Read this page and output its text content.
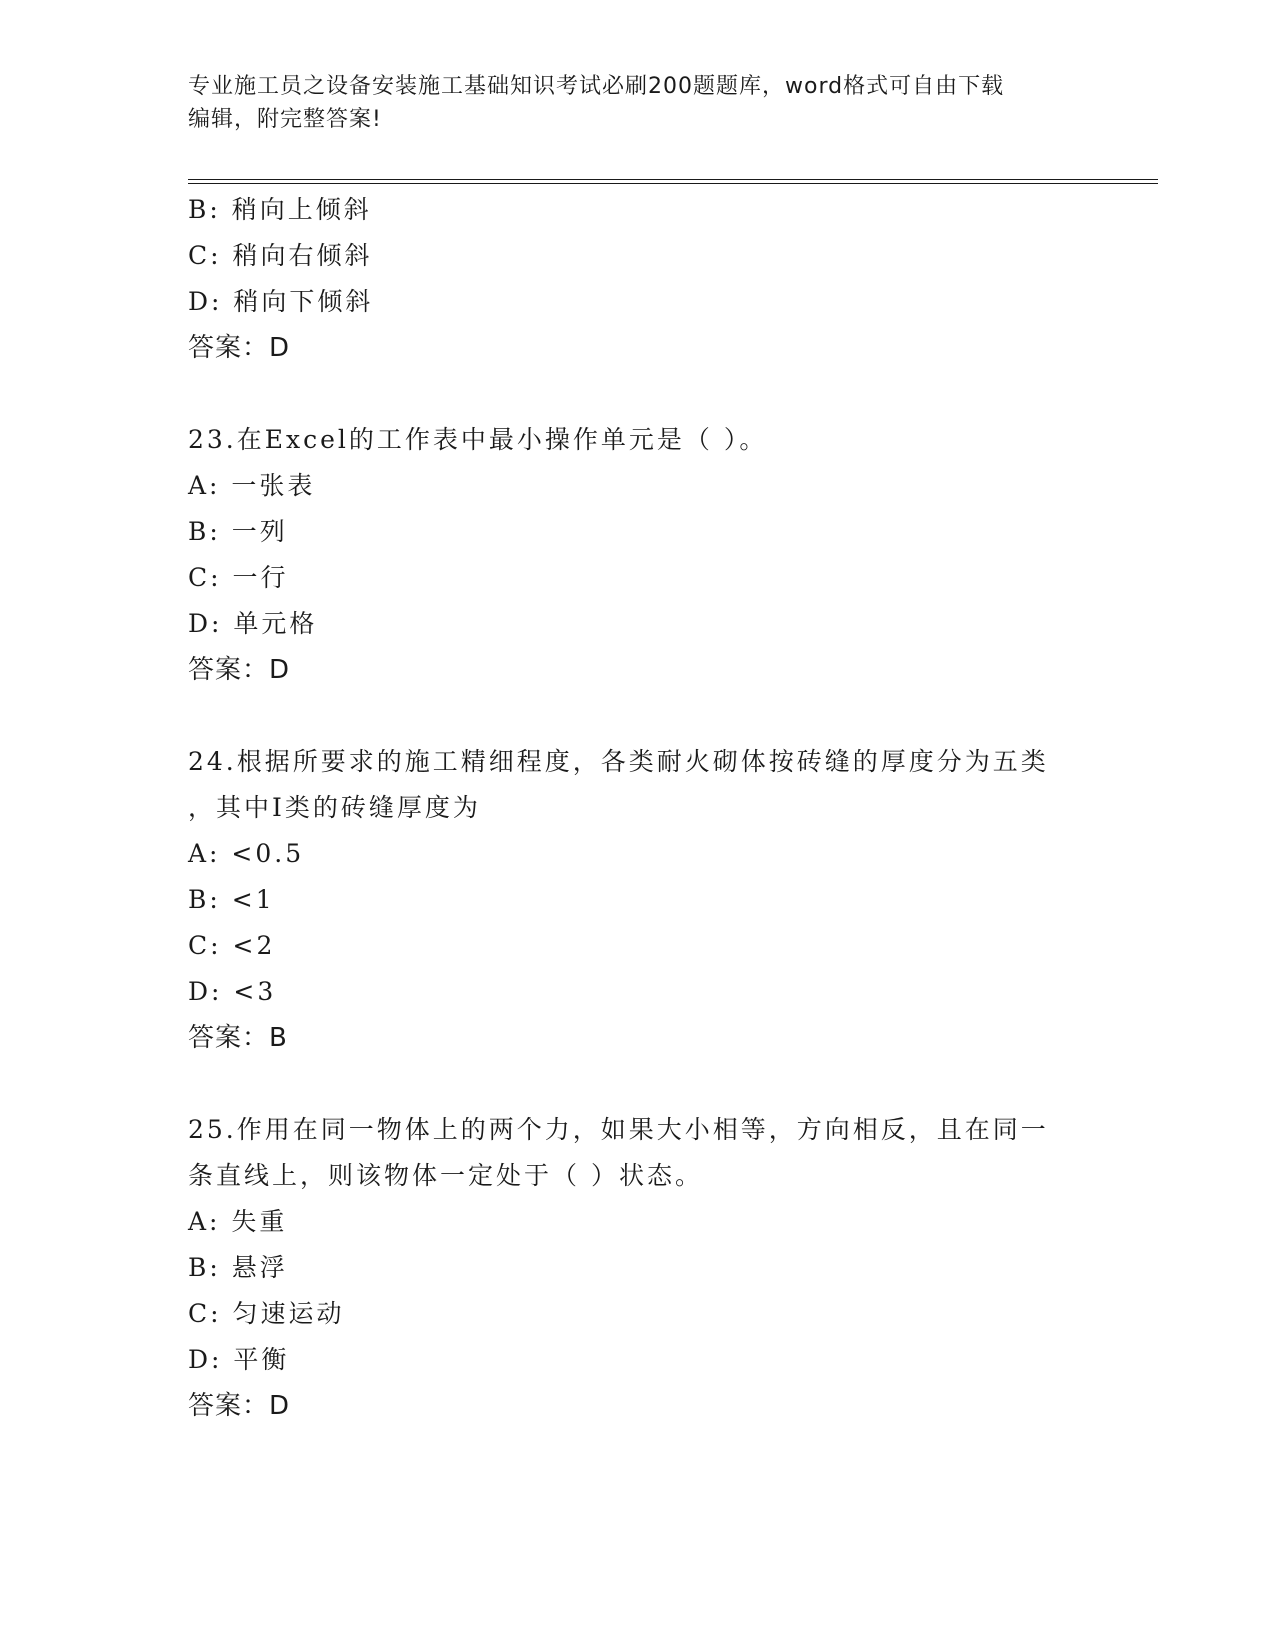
专业施工员之设备安装施工基础知识考试必刷200题题库，word格式可自由下载
编辑，附完整答案!
B: 稍向上倾斜
C: 稍向右倾斜
D: 稍向下倾斜
答案：D
23.在Excel的工作表中最小操作单元是（ ）。
A: 一张表
B: 一列
C: 一行
D: 单元格
答案：D
24.根据所要求的施工精细程度，各类耐火砌体按砖缝的厚度分为五类
，其中I类的砖缝厚度为
A: <0.5
B: <1
C: <2
D: <3
答案：B
25.作用在同一物体上的两个力，如果大小相等，方向相反，且在同一
条直线上，则该物体一定处于（ ）状态。
A: 失重
B: 悬浮
C: 匀速运动
D: 平衡
答案：D
